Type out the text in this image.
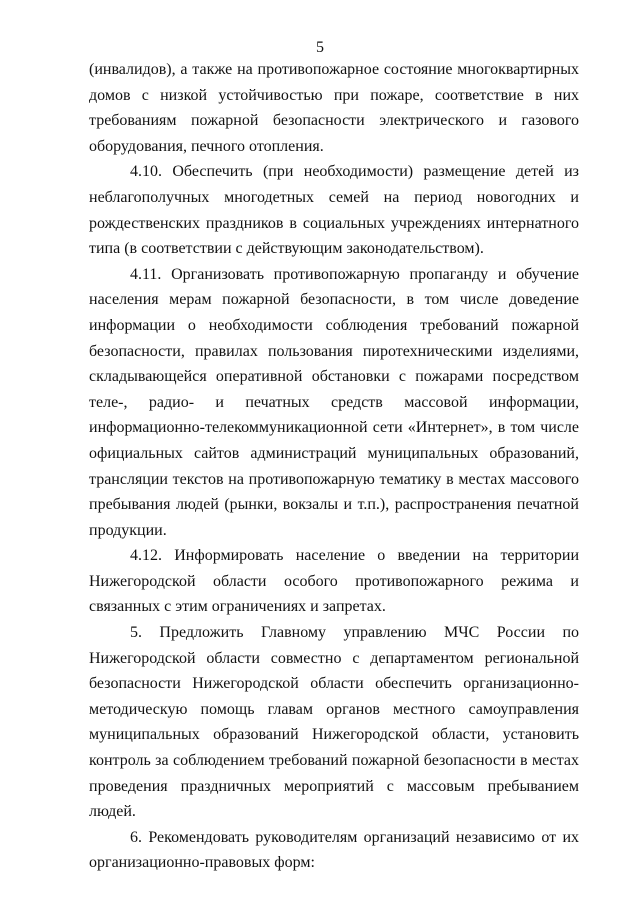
5

(инвалидов), а также на противопожарное состояние многоквартирных домов с низкой устойчивостью при пожаре, соответствие в них требованиям пожарной безопасности электрического и газового оборудования, печного отопления.

4.10. Обеспечить (при необходимости) размещение детей из неблагополучных многодетных семей на период новогодних и рождественских праздников в социальных учреждениях интернатного типа (в соответствии с действующим законодательством).

4.11. Организовать противопожарную пропаганду и обучение населения мерам пожарной безопасности, в том числе доведение информации о необходимости соблюдения требований пожарной безопасности, правилах пользования пиротехническими изделиями, складывающейся оперативной обстановки с пожарами посредством теле-, радио- и печатных средств массовой информации, информационно-телекоммуникационной сети «Интернет», в том числе официальных сайтов администраций муниципальных образований, трансляции текстов на противопожарную тематику в местах массового пребывания людей (рынки, вокзалы и т.п.), распространения печатной продукции.

4.12. Информировать население о введении на территории Нижегородской области особого противопожарного режима и связанных с этим ограничениях и запретах.

5. Предложить Главному управлению МЧС России по Нижегородской области совместно с департаментом региональной безопасности Нижегородской области обеспечить организационно-методическую помощь главам органов местного самоуправления муниципальных образований Нижегородской области, установить контроль за соблюдением требований пожарной безопасности в местах проведения праздничных мероприятий с массовым пребыванием людей.

6. Рекомендовать руководителям организаций независимо от их организационно-правовых форм:
